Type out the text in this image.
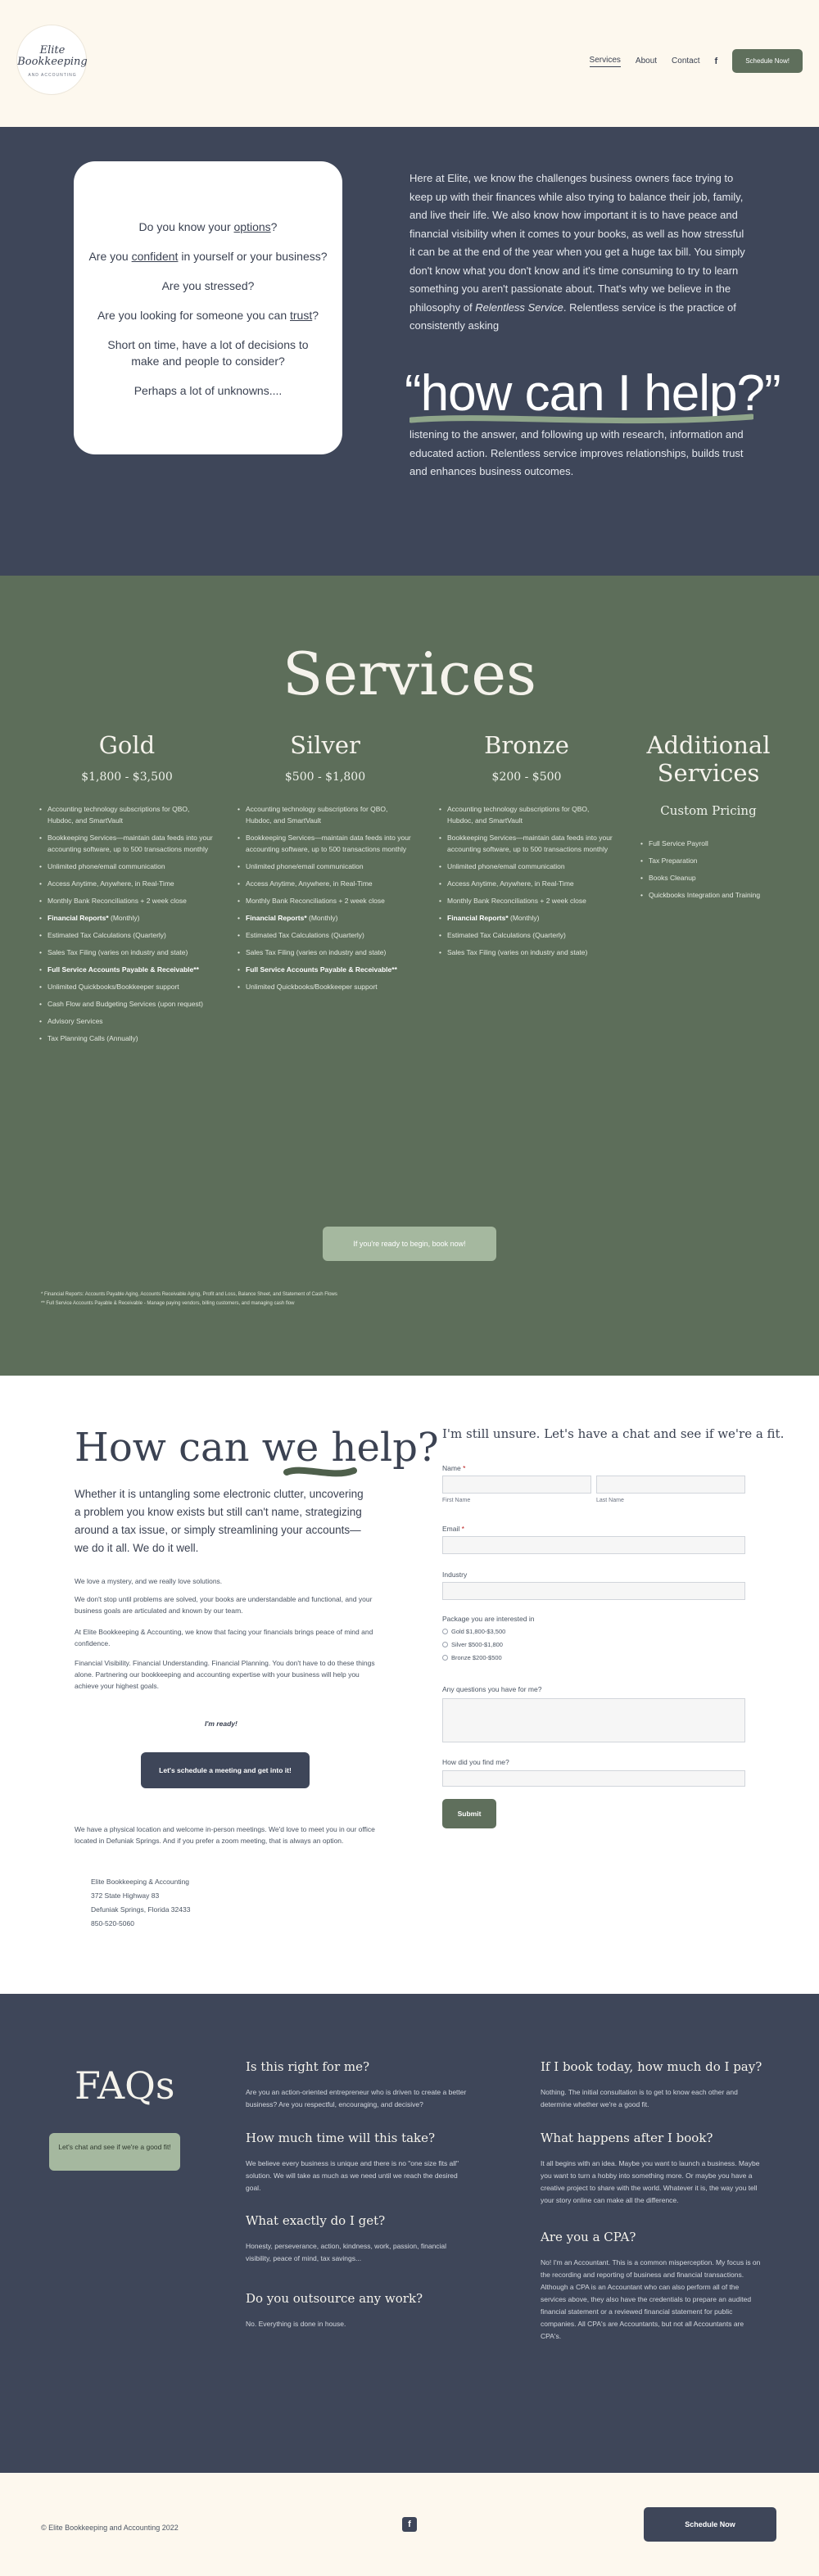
Elite Bookkeeping
AND ACCOUNTING
Services About Contact f	Schedule Now!

Do you know your options?

Are you confident in yourself or your business?

Are you stressed?

Are you looking for someone you can trust?

Short on time, have a lot of decisions to make and people to consider?

Perhaps a lot of unknowns....

Here at Elite, we know the challenges business owners face trying to keep up with their finances while also trying to balance their job, family, and live their life. We also know how important it is to have peace and financial visibility when it comes to your books, as well as how stressful it can be at the end of the year when you get a huge tax bill. You simply don't know what you don't know and it's time consuming to try to learn something you aren't passionate about. That's why we believe in the philosophy of Relentless Service. Relentless service is the practice of consistently asking
“how can I help?”
listening to the answer, and following up with research, information and educated action. Relentless service improves relationships, builds trust and enhances business outcomes.
Services
Gold
$1,800 - $3,500
• Accounting technology subscriptions for QBO, Hubdoc, and SmartVault
• Bookkeeping Services—maintain data feeds into your accounting software, up to 500 transactions monthly
• Unlimited phone/email communication
• Access Anytime, Anywhere, in Real-Time
• Monthly Bank Reconciliations + 2 week close
• Financial Reports* (Monthly)
• Estimated Tax Calculations (Quarterly)
• Sales Tax Filing (varies on industry and state)
• Full Service Accounts Payable & Receivable**
• Unlimited Quickbooks/Bookkeeper support
• Cash Flow and Budgeting Services (upon request)
• Advisory Services
• Tax Planning Calls (Annually)
Silver
$500 - $1,800
• Accounting technology subscriptions for QBO, Hubdoc, and SmartVault
• Bookkeeping Services—maintain data feeds into your accounting software, up to 500 transactions monthly
• Unlimited phone/email communication
• Access Anytime, Anywhere, in Real-Time
• Monthly Bank Reconciliations + 2 week close
• Financial Reports* (Monthly)
• Estimated Tax Calculations (Quarterly)
• Sales Tax Filing (varies on industry and state)
• Full Service Accounts Payable & Receivable**
• Unlimited Quickbooks/Bookkeeper support
Bronze
$200 - $500
• Accounting technology subscriptions for QBO, Hubdoc, and SmartVault
• Bookkeeping Services—maintain data feeds into your accounting software, up to 500 transactions monthly
• Unlimited phone/email communication
• Access Anytime, Anywhere, in Real-Time
• Monthly Bank Reconciliations + 2 week close
• Financial Reports* (Monthly)
• Estimated Tax Calculations (Quarterly)
• Sales Tax Filing (varies on industry and state)
Additional Services
Custom Pricing
• Full Service Payroll
• Tax Preparation
• Books Cleanup
• Quickbooks Integration and Training
If you're ready to begin, book now!
* Financial Reports: Accounts Payable Aging, Accounts Receivable Aging, Profit and Loss, Balance Sheet, and Statement of Cash Flows
** Full Service Accounts Payable & Receivable - Manage paying vendors, billing customers, and managing cash flow
How can we help?
Whether it is untangling some electronic clutter, uncovering a problem you know exists but still can't name, strategizing around a tax issue, or simply streamlining your accounts—we do it all. We do it well.
We love a mystery, and we really love solutions.
We don't stop until problems are solved, your books are understandable and functional, and your business goals are articulated and known by our team.
At Elite Bookkeeping & Accounting, we know that facing your financials brings peace of mind and confidence.
Financial Visibility. Financial Understanding. Financial Planning. You don't have to do these things alone. Partnering our bookkeeping and accounting expertise with your business will help you achieve your highest goals.
I'm ready!
Let's schedule a meeting and get into it!
We have a physical location and welcome in-person meetings. We'd love to meet you in our office located in Defuniak Springs. And if you prefer a zoom meeting, that is always an option.
Elite Bookkeeping & Accounting
372 State Highway 83
Defuniak Springs, Florida 32433
850-520-5060
I'm still unsure. Let's have a chat and see if we're a fit.
Name *
First Name	Last Name
Email *
Industry
Package you are interested in
Gold $1,800-$3,500
Silver $500-$1,800
Bronze $200-$500
Any questions you have for me?
How did you find me?
Submit
FAQs
Let's chat and see if we're a good fit!
Is this right for me?
Are you an action-oriented entrepreneur who is driven to create a better business? Are you respectful, encouraging, and decisive?
How much time will this take?
We believe every business is unique and there is no "one size fits all" solution. We will take as much as we need until we reach the desired goal.
What exactly do I get?
Honesty, perseverance, action, kindness, work, passion, financial visibility, peace of mind, tax savings...
Do you outsource any work?
No. Everything is done in house.
If I book today, how much do I pay?
Nothing. The initial consultation is to get to know each other and determine whether we're a good fit.
What happens after I book?
It all begins with an idea. Maybe you want to launch a business. Maybe you want to turn a hobby into something more. Or maybe you have a creative project to share with the world. Whatever it is, the way you tell your story online can make all the difference.
Are you a CPA?
No! I'm an Accountant. This is a common misperception. My focus is on the recording and reporting of business and financial transactions. Although a CPA is an Accountant who can also perform all of the services above, they also have the credentials to prepare an audited financial statement or a reviewed financial statement for public companies. All CPA's are Accountants, but not all Accountants are CPA's.
© Elite Bookkeeping and Accounting 2022	f	Schedule Now
